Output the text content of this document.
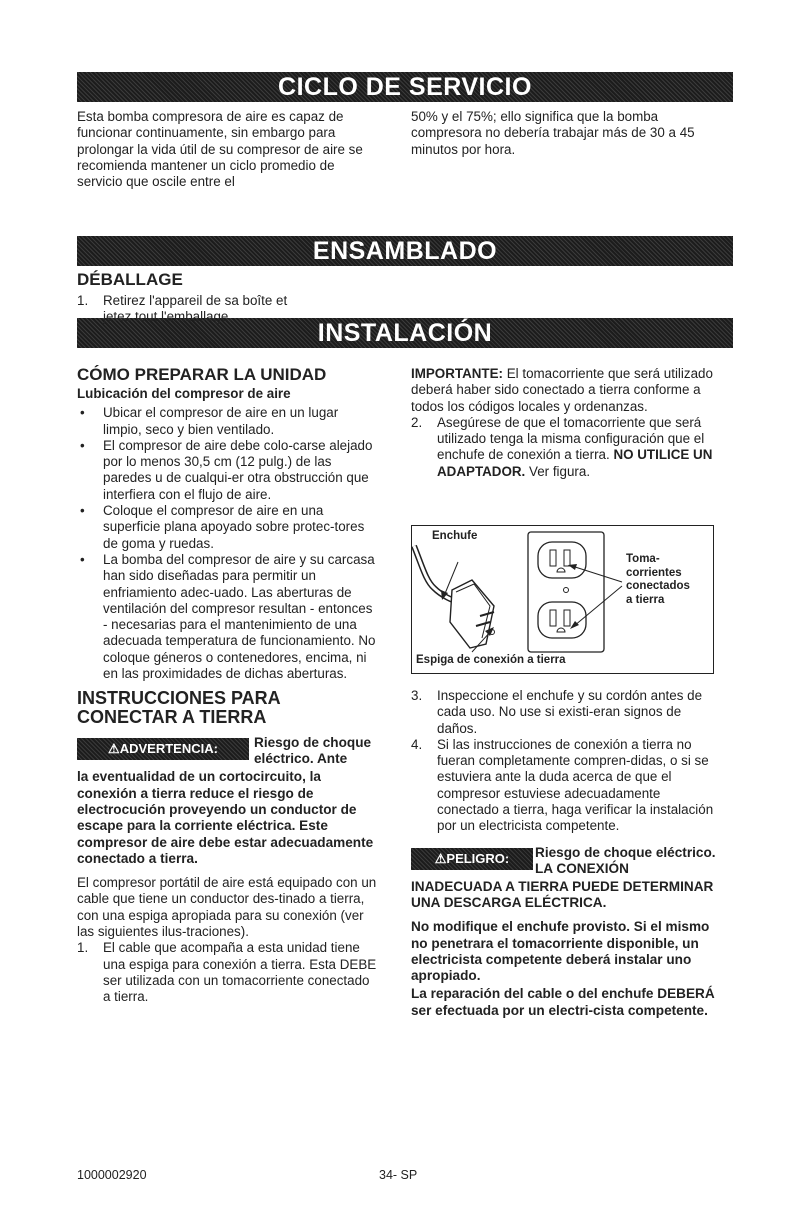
CICLO DE SERVICIO
ENSAMBLADO
INSTALACIÓN

Esta bomba compresora de aire es capaz de funcionar continuamente, sin embargo para prolongar la vida útil de su compresor de aire se recomienda mantener un ciclo promedio de servicio que oscile entre el

50% y el 75%; ello significa que la bomba compresora no debería trabajar más de 30 a 45 minutos por hora.

DÉBALLAGE
1. Retirez l'appareil de sa boîte et jetez tout l'emballage.
CÓMO PREPARAR LA UNIDAD
Lubicación del compresor de aire
• Ubicar el compresor de aire en un lugar limpio, seco y bien ventilado.
• El compresor de aire debe colo-carse alejado por lo menos 30,5 cm (12 pulg.) de las paredes u de cualqui-er otra obstrucción que interfiera con el flujo de aire.
• Coloque el compresor de aire en una superficie plana apoyado sobre protec-tores de goma y ruedas.
• La bomba del compresor de aire y su carcasa han sido diseñadas para permitir un enfriamiento adec-uado. Las aberturas de ventilación del compresor resultan - entonces - necesarias para el mantenimiento de una adecuada temperatura de funcionamiento. No coloque géneros o contenedores, encima, ni en las proximidades de dichas aberturas.
INSTRUCCIONES PARA
CONECTAR A TIERRA
⚠ADVERTENCIA:	Riesgo de choque eléctrico. Ante

la eventualidad de un cortocircuito, la conexión a tierra reduce el riesgo de electrocución proveyendo un conductor de escape para la corriente eléctrica. Este compresor de aire debe estar adecuadamente conectado a tierra.

El compresor portátil de aire está equipado con un cable que tiene un conductor des-tinado a tierra, con una espiga apropiada para su conexión (ver las siguientes ilus-traciones).

1. El cable que acompaña a esta unidad tiene una espiga para conexión a tierra. Esta DEBE ser utilizada con un tomacorriente conectado a tierra.

IMPORTANTE: El tomacorriente que será utilizado deberá haber sido conectado a tierra conforme a todos los códigos locales y ordenanzas.

2. Asegúrese de que el tomacorriente que será utilizado tenga la misma configuración que el enchufe de conexión a tierra. NO UTILICE UN ADAPTADOR. Ver figura.
Enchufe
Toma-
corrientes
conectados
a tierra
Espiga de conexión a tierra
3. Inspeccione el enchufe y su cordón antes de cada uso. No use si existi-eran signos de daños.
4. Si las instrucciones de conexión a tierra no fueran completamente compren-didas, o si se estuviera ante la duda acerca de que el compresor estuviese adecuadamente conectado a tierra, haga verificar la instalación por un electricista competente.
⚠PELIGRO:	Riesgo de choque eléctrico. LA CONEXIÓN

INADECUADA A TIERRA PUEDE DETERMINAR UNA DESCARGA ELÉCTRICA.

No modifique el enchufe provisto. Si el mismo no penetrara el tomacorriente disponible, un electricista competente deberá instalar uno apropiado.

La reparación del cable o del enchufe DEBERÁ ser efectuada por un electri-cista competente.

1000002920	34- SP
